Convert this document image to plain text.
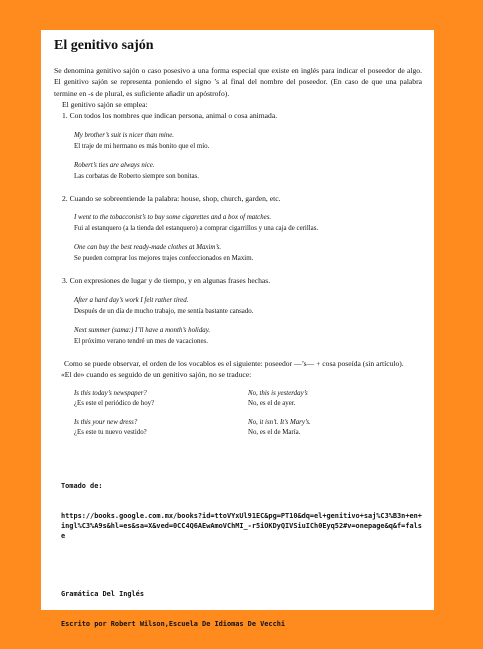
El genitivo sajón

Se denomina genitivo sajón o caso posesivo a una forma especial que existe en inglés para indicar el poseedor de algo. El genitivo sajón se representa poniendo el signo ’s al final del nombre del poseedor. (En caso de que una palabra termine en -s de plural, es suficiente añadir un apóstrofo).

El genitivo sajón se emplea:

1. Con todos los nombres que indican persona, animal o cosa animada.

My brother’s suit is nicer than mine.
El traje de mi hermano es más bonito que el mío.

Robert’s ties are always nice.
Las corbatas de Roberto siempre son bonitas.

2. Cuando se sobreentiende la palabra: house, shop, church, garden, etc.

I went to the tobacconist’s to buy some cigarettes and a box of matches.
Fui al estanquero (a la tienda del estanquero) a comprar cigarrillos y una caja de cerillas.

One can buy the best ready-made clothes at Maxim’s.
Se pueden comprar los mejores trajes confeccionados en Maxim.

3. Con expresiones de lugar y de tiempo, y en algunas frases hechas.

After a hard day’s work I felt rather tired.
Después de un día de mucho trabajo, me sentía bastante cansado.

Next summer (sama:) I’ll have a month’s holiday.
El próximo verano tendré un mes de vacaciones.

Como se puede observar, el orden de los vocablos es el siguiente: poseedor —’s— + cosa poseída (sin artículo).

«El de» cuando es seguido de un genitivo sajón, no se traduce:

Is this today’s newspaper?
¿Es este el periódico de hoy?
No, this is yesterday’s
No, es el de ayer.
Is this your new dress?
¿Es este tu nuevo vestido?
No, it isn’t. It’s Mary’s.
No, es el de María.

Tomado de:

https://books.google.com.mx/books?id=ttoVYxUl91EC&pg=PT10&dq=el+genitivo+saj%C3%B3n+en+ingl%C3%A9s&hl=es&sa=X&ved=0CC4Q6AEwAmoVChMI_-r5iOKDyQIVSiuICh0Eyq52#v=onepage&q&f=false

Gramática Del Inglés

Escrito por Robert Wilson,Escuela De Idiomas De Vecchi
